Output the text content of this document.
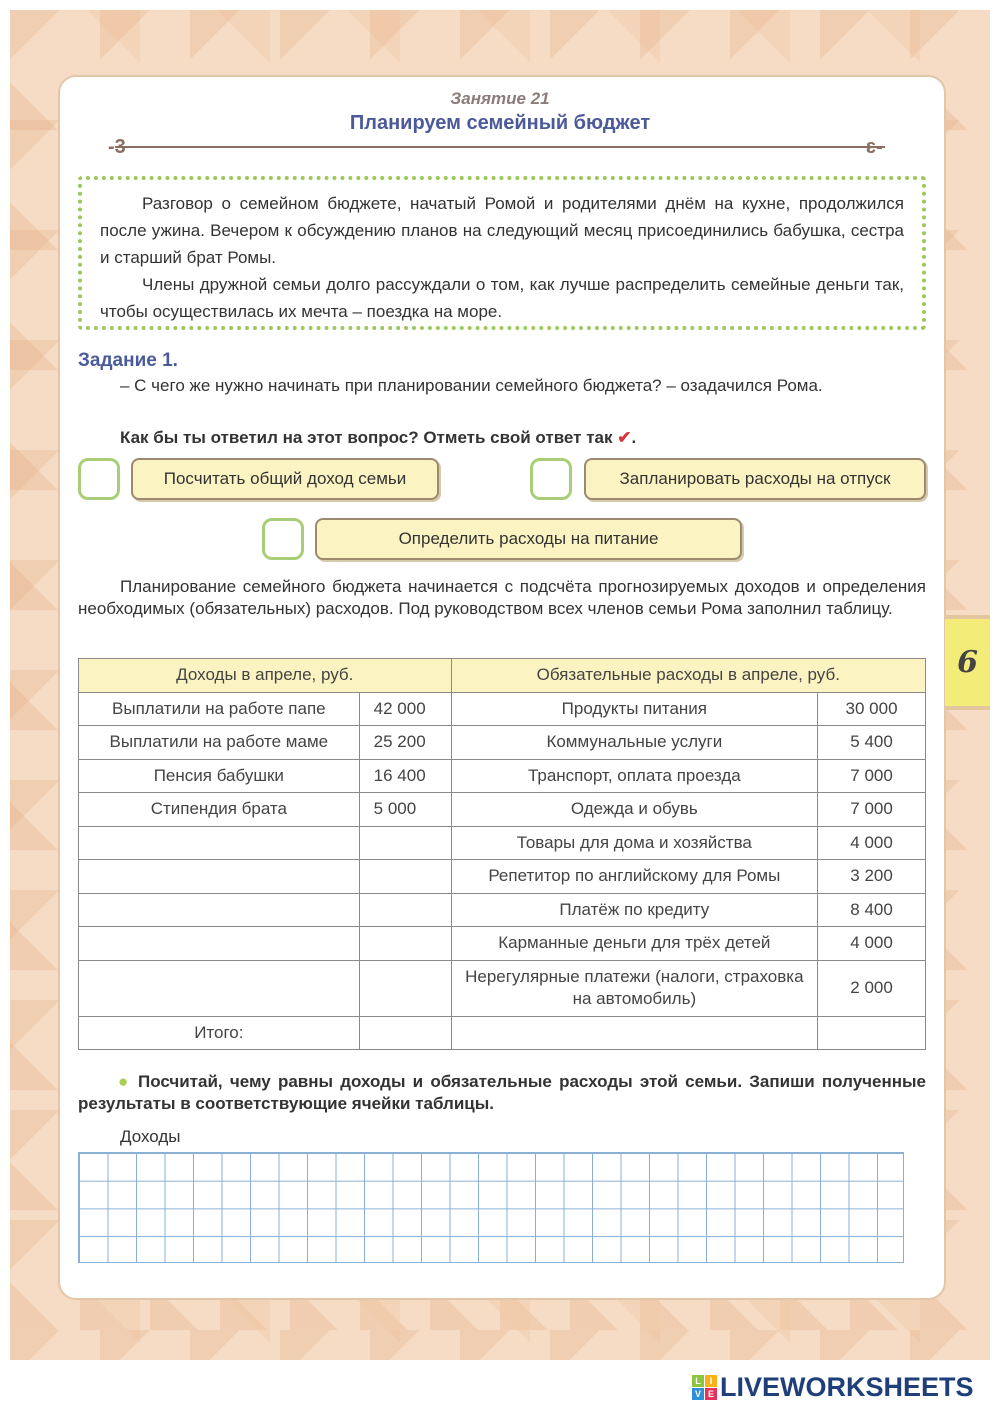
6
Занятие 21
Планируем семейный бюджет
-3	ɛ-

Разговор о семейном бюджете, начатый Ромой и родителями днём на кухне, продолжился после ужина. Вечером к обсуждению планов на следующий месяц присоединились бабушка, сестра и старший брат Ромы.

Члены дружной семьи долго рассуждали о том, как лучше распределить семейные деньги так, чтобы осуществилась их мечта – поездка на море.

Задание 1.
– С чего же нужно начинать при планировании семейного бюджета? – озадачился Рома.
Как бы ты ответил на этот вопрос? Отметь свой ответ так ✔.
Посчитать общий доход семьи	Запланировать расходы на отпуск
Определить расходы на питание
Планирование семейного бюджета начинается с подсчёта прогнозируемых доходов и определения необходимых (обязательных) расходов. Под руководством всех членов семьи Рома заполнил таблицу.
Доходы в апреле, руб.		Обязательные расходы в апреле, руб.	
Выплатили на работе папе	42 000	Продукты питания	30 000
Выплатили на работе маме	25 200	Коммунальные услуги	5 400
Пенсия бабушки	16 400	Транспорт, оплата проезда	7 000
Стипендия брата	5 000	Одежда и обувь	7 000
		Товары для дома и хозяйства	4 000
		Репетитор по английскому для Ромы	3 200
		Платёж по кредиту	8 400
		Карманные деньги для трёх детей	4 000
		Нерегулярные платежи (налоги, страховка на автомобиль)	2 000
Итого:			
● Посчитай, чему равны доходы и обязательные расходы этой семьи. Запиши полученные результаты в соответствующие ячейки таблицы.
Доходы
L I
V E LIVEWORKSHEETS
